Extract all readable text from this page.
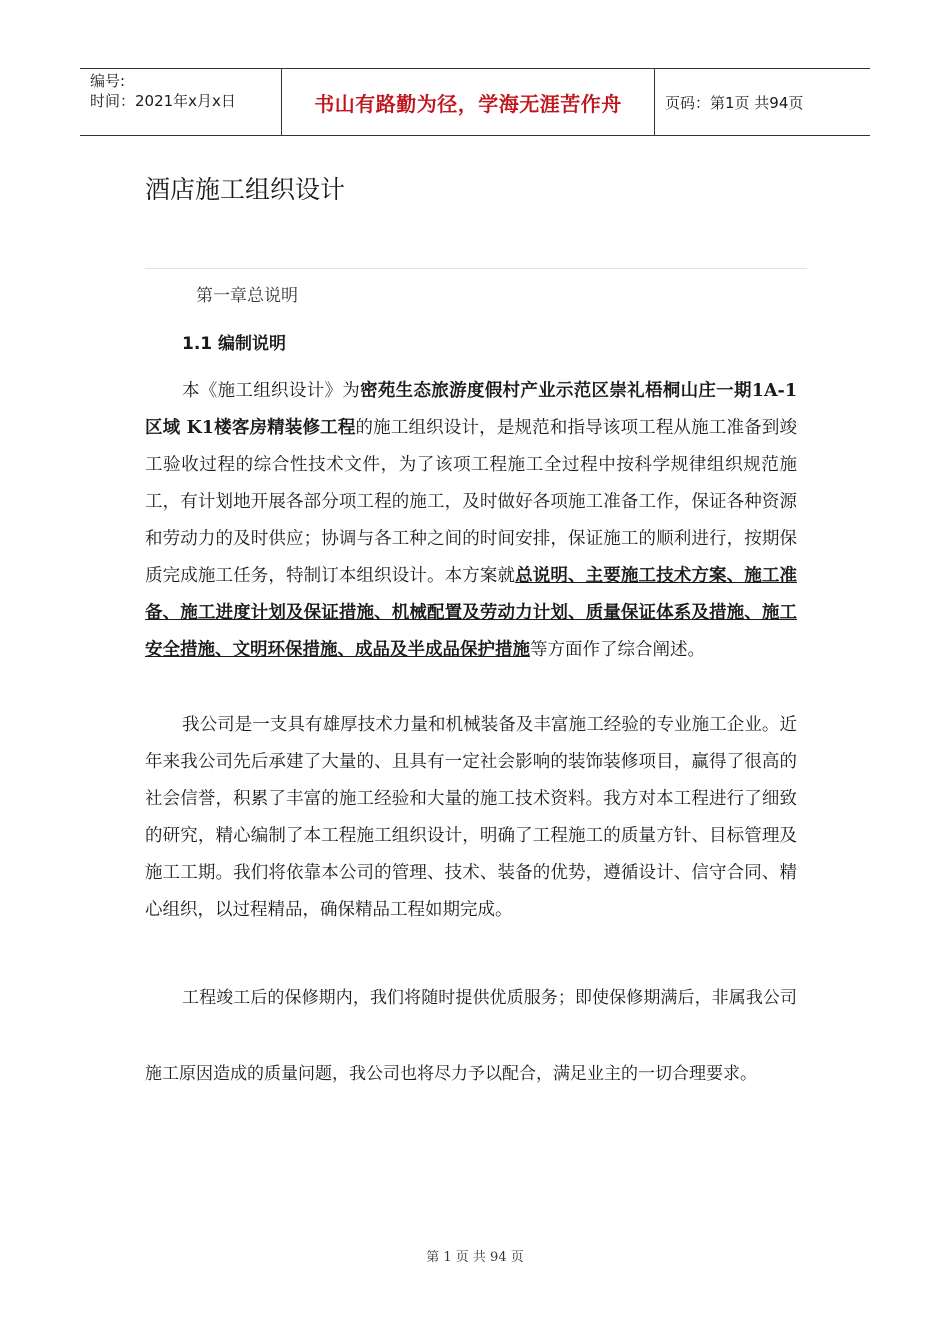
编号:
时间：2021年x月x日	书山有路勤为径，学海无涯苦作舟	页码：第1页 共94页
酒店施工组织设计
第一章总说明
1.1 编制说明

本《施工组织设计》为密苑生态旅游度假村产业示范区崇礼梧桐山庄一期1A-1区域 K1楼客房精装修工程的施工组织设计，是规范和指导该项工程从施工准备到竣工验收过程的综合性技术文件，为了该项工程施工全过程中按科学规律组织规范施工，有计划地开展各部分项工程的施工，及时做好各项施工准备工作，保证各种资源和劳动力的及时供应；协调与各工种之间的时间安排，保证施工的顺利进行，按期保质完成施工任务，特制订本组织设计。本方案就总说明、主要施工技术方案、施工准备、施工进度计划及保证措施、机械配置及劳动力计划、质量保证体系及措施、施工安全措施、文明环保措施、成品及半成品保护措施等方面作了综合阐述。

我公司是一支具有雄厚技术力量和机械装备及丰富施工经验的专业施工企业。近年来我公司先后承建了大量的、且具有一定社会影响的装饰装修项目，赢得了很高的社会信誉，积累了丰富的施工经验和大量的施工技术资料。我方对本工程进行了细致的研究，精心编制了本工程施工组织设计，明确了工程施工的质量方针、目标管理及施工工期。我们将依靠本公司的管理、技术、装备的优势，遵循设计、信守合同、精心组织，以过程精品，确保精品工程如期完成。

工程竣工后的保修期内，我们将随时提供优质服务；即使保修期满后，非属我公司施工原因造成的质量问题，我公司也将尽力予以配合，满足业主的一切合理要求。

第 1 页 共 94 页
